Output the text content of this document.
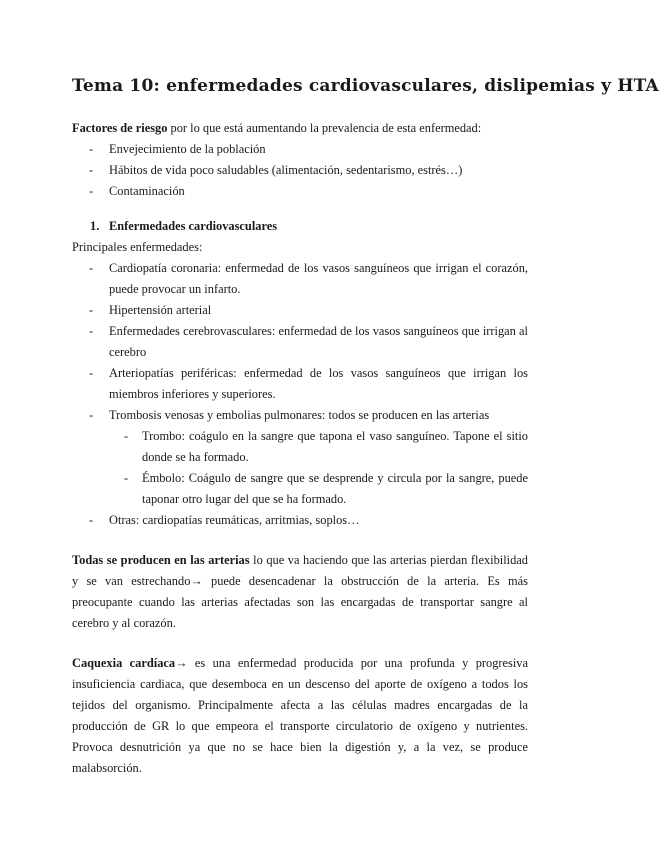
Tema 10: enfermedades cardiovasculares, dislipemias y HTA

Factores de riesgo por lo que está aumentando la prevalencia de esta enfermedad:

- Envejecimiento de la población
- Hábitos de vida poco saludables (alimentación, sedentarismo, estrés…)
- Contaminación
1. Enfermedades cardiovasculares

Principales enfermedades:

- Cardiopatía coronaria: enfermedad de los vasos sanguíneos que irrigan el corazón, puede provocar un infarto.
- Hipertensión arterial
- Enfermedades cerebrovasculares: enfermedad de los vasos sanguíneos que irrigan al cerebro
- Arteriopatías periféricas: enfermedad de los vasos sanguíneos que irrigan los miembros inferiores y superiores.
- Trombosis venosas y embolias pulmonares: todos se producen en las arterias
- Trombo: coágulo en la sangre que tapona el vaso sanguíneo. Tapone el sitio donde se ha formado.
- Émbolo: Coágulo de sangre que se desprende y circula por la sangre, puede taponar otro lugar del que se ha formado.
- Otras: cardiopatías reumáticas, arritmias, soplos…

Todas se producen en las arterias lo que va haciendo que las arterias pierdan flexibilidad y se van estrechando→ puede desencadenar la obstrucción de la arteria. Es más preocupante cuando las arterias afectadas son las encargadas de transportar sangre al cerebro y al corazón.

Caquexia cardíaca→ es una enfermedad producida por una profunda y progresiva insuficiencia cardiaca, que desemboca en un descenso del aporte de oxígeno a todos los tejidos del organismo. Principalmente afecta a las células madres encargadas de la producción de GR lo que empeora el transporte circulatorio de oxígeno y nutrientes. Provoca desnutrición ya que no se hace bien la digestión y, a la vez, se produce malabsorción.
